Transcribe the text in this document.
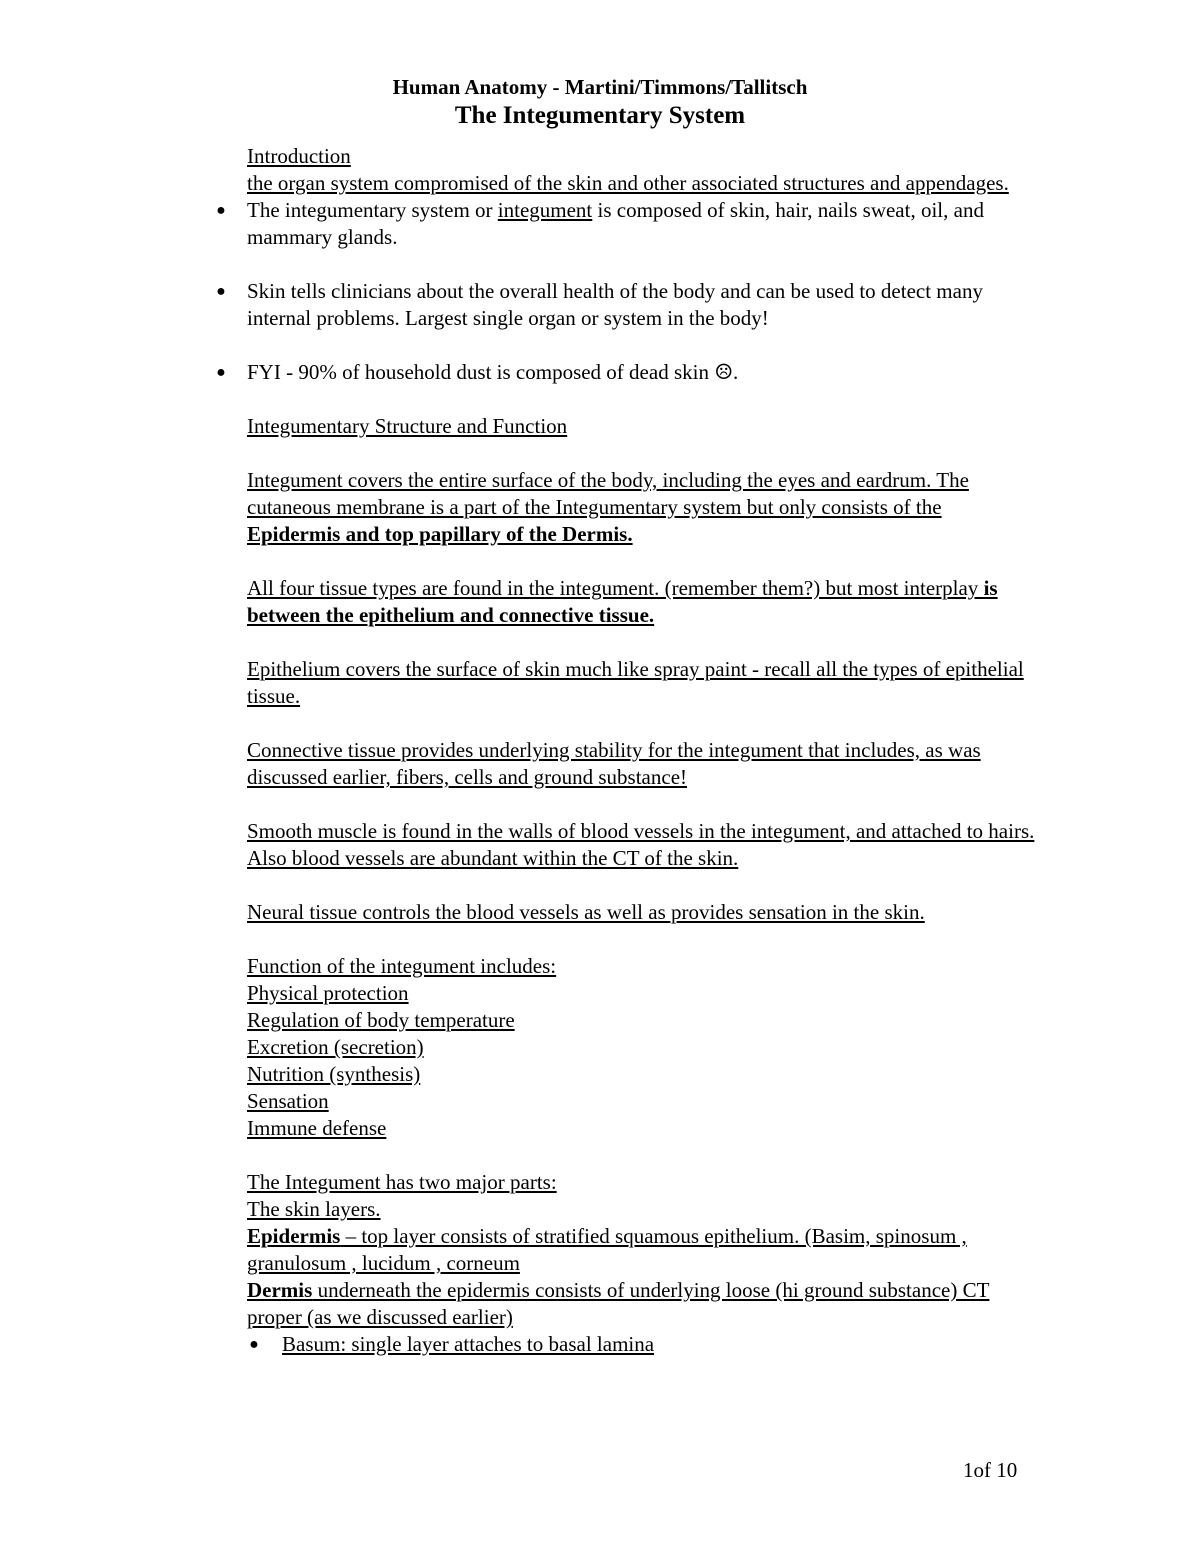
Human Anatomy - Martini/Timmons/Tallitsch
The Integumentary System
Introduction
the organ system compromised of the skin and other associated structures and appendages.
● The integumentary system or integument is composed of skin, hair, nails sweat, oil, and mammary glands.
● Skin tells clinicians about the overall health of the body and can be used to detect many internal problems. Largest single organ or system in the body!
● FYI - 90% of household dust is composed of dead skin ☹.
Integumentary Structure and Function
Integument covers the entire surface of the body, including the eyes and eardrum. The cutaneous membrane is a part of the Integumentary system but only consists of the Epidermis and top papillary of the Dermis.
All four tissue types are found in the integument. (remember them?) but most interplay is between the epithelium and connective tissue.
Epithelium covers the surface of skin much like spray paint - recall all the types of epithelial tissue.
Connective tissue provides underlying stability for the integument that includes, as was discussed earlier, fibers, cells and ground substance!
Smooth muscle is found in the walls of blood vessels in the integument, and attached to hairs. Also blood vessels are abundant within the CT of the skin.
Neural tissue controls the blood vessels as well as provides sensation in the skin.
Function of the integument includes:
Physical protection
Regulation of body temperature
Excretion (secretion)
Nutrition (synthesis)
Sensation
Immune defense
The Integument has two major parts:
The skin layers.
Epidermis – top layer consists of stratified squamous epithelium. (Basim, spinosum , granulosum , lucidum , corneum
Dermis underneath the epidermis consists of underlying loose (hi ground substance) CT proper (as we discussed earlier)
● Basum: single layer attaches to basal lamina
1of 10
